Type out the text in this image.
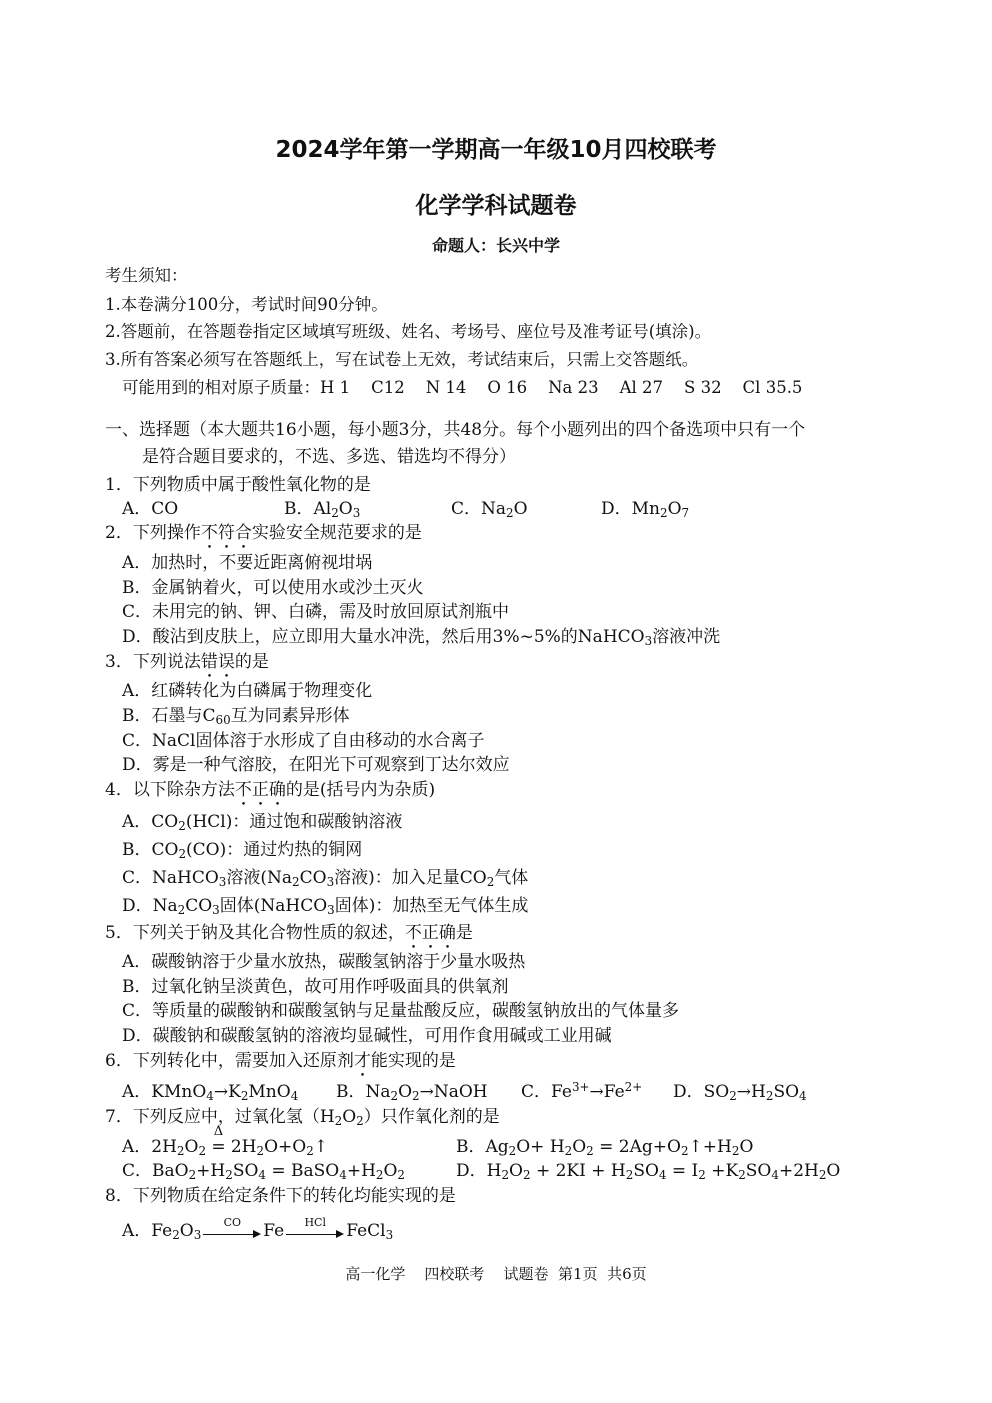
2024学年第一学期高一年级10月四校联考
化学学科试题卷
命题人：长兴中学
考生须知：
1.本卷满分100分，考试时间90分钟。
2.答题前，在答题卷指定区域填写班级、姓名、考场号、座位号及准考证号(填涂)。
3.所有答案必须写在答题纸上，写在试卷上无效，考试结束后，只需上交答题纸。
可能用到的相对原子质量：H 1    C12    N 14    O 16    Na 23    Al 27    S 32    Cl 35.5
一、选择题（本大题共16小题，每小题3分，共48分。每个小题列出的四个备选项中只有一个
是符合题目要求的，不选、多选、错选均不得分）
1．下列物质中属于酸性氧化物的是
A．CO	B．$Al_2O_3$	C．$Na_2O$	D．$Mn_2O_7$
2．下列操作不符合实验安全规范要求的是
A．加热时，不要近距离俯视坩埚
B．金属钠着火，可以使用水或沙土灭火
C．未用完的钠、钾、白磷，需及时放回原试剂瓶中
D．酸沾到皮肤上，应立即用大量水冲洗，然后用3%~5%的NaHCO$_3$溶液冲洗
3．下列说法错误的是
A．红磷转化为白磷属于物理变化
B．石墨与$C_{60}$互为同素异形体
C．NaCl固体溶于水形成了自由移动的水合离子
D．雾是一种气溶胶，在阳光下可观察到丁达尔效应
4．以下除杂方法不正确的是(括号内为杂质)
A．$CO_2(HCl)$：通过饱和碳酸钠溶液
B．$CO_2(CO)$：通过灼热的铜网
C．NaHCO$_3$溶液($Na_2CO_3$溶液)：加入足量$CO_2$气体
D．$Na_2CO_3$固体(NaHCO$_3$固体)：加热至无气体生成
5．下列关于钠及其化合物性质的叙述，不正确是
A．碳酸钠溶于少量水放热，碳酸氢钠溶于少量水吸热
B．过氧化钠呈淡黄色，故可用作呼吸面具的供氧剂
C．等质量的碳酸钠和碳酸氢钠与足量盐酸反应，碳酸氢钠放出的气体量多
D．碳酸钠和碳酸氢钠的溶液均显碱性，可用作食用碱或工业用碱
6．下列转化中，需要加入还原剂才能实现的是
A．$KMnO_4\to K_2MnO_4$ B．$Na_2O_2\to NaOH$ C．$Fe^{3+}\to Fe^{2+}$ D．$SO_2\to H_2SO_4$
7．下列反应中，过氧化氢$(H_2O_2)$只作氧化剂的是
A．$2H_2O_2$
Δ
= $2H_2O+O_2↑$	B．$Ag_2O+ H_2O_2$ = $2Ag+O_2↑+H_2O$
C．$BaO_2+H_2SO_4$ = $BaSO_4+H_2O_2$	D．$H_2O_2 + 2KI + H_2SO_4 = I_2 +K_2SO_4+2H_2O$
8．下列物质在给定条件下的转化均能实现的是
A．$Fe_2O_3$
CO	Fe	HCl	FeCl$_3$
高一化学    四校联考    试题卷  第1页  共6页
